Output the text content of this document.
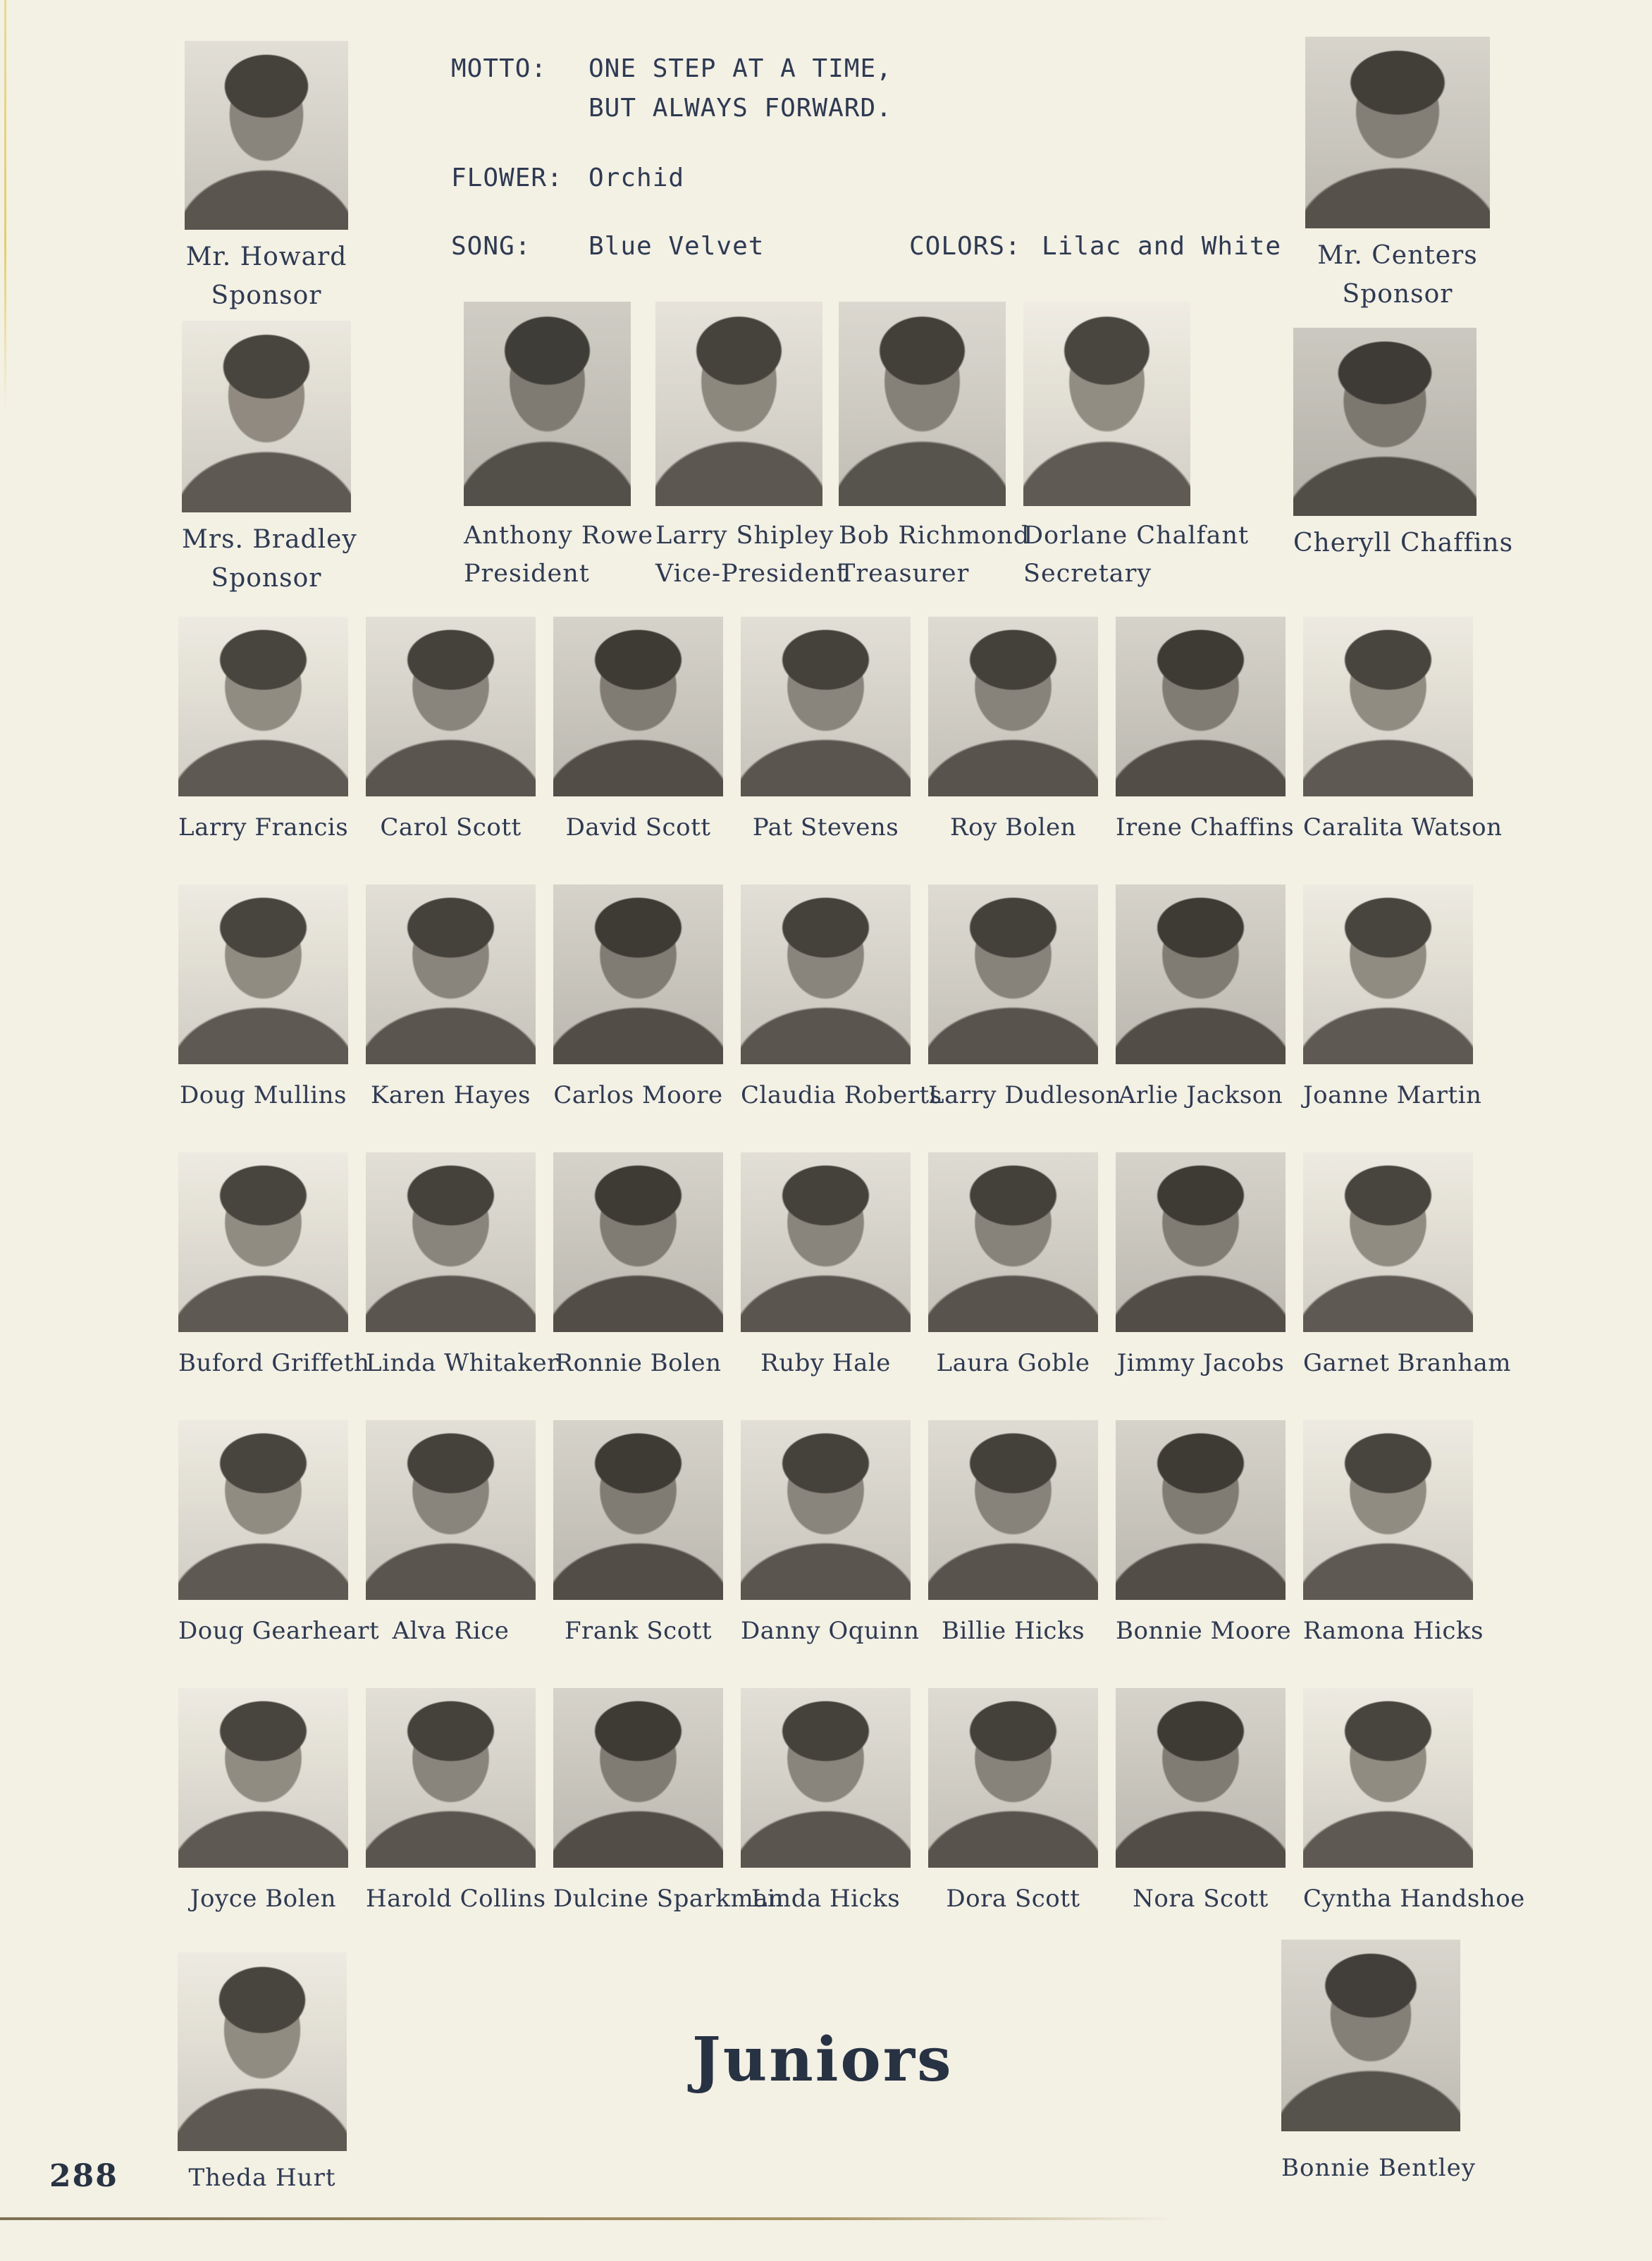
MOTTO:	ONE STEP AT A TIME,
BUT ALWAYS FORWARD.
FLOWER:	Orchid
SONG:	Blue Velvet	COLORS: Lilac and White
Mr. Howard
Sponsor
Mr. Centers
Sponsor
Mrs. Bradley
Sponsor
Anthony Rowe
President
Larry Shipley
Vice-President
Bob Richmond
Treasurer
Dorlane Chalfant
Secretary
Cheryll Chaffins
Larry Francis	Carol Scott	David Scott	Pat Stevens	Roy Bolen	Irene Chaffins Caralita Watson
Doug Mullins Karen Hayes Carlos Moore Claudia Roberts
Larry Dudleson
Arlie Jackson Joanne Martin
Buford Griffeth
Linda Whitaker
Ronnie Bolen	Ruby Hale	Laura Goble	Jimmy Jacobs Garnet Branham
Doug Gearheart Alva Rice	Frank Scott	Danny Oquinn Billie Hicks	Bonnie Moore Ramona Hicks
Joyce Bolen	Harold Collins Dulcine Sparkman
Linda Hicks	Dora Scott	Nora Scott	Cyntha Handshoe
Theda Hurt
Juniors
Bonnie Bentley
288
